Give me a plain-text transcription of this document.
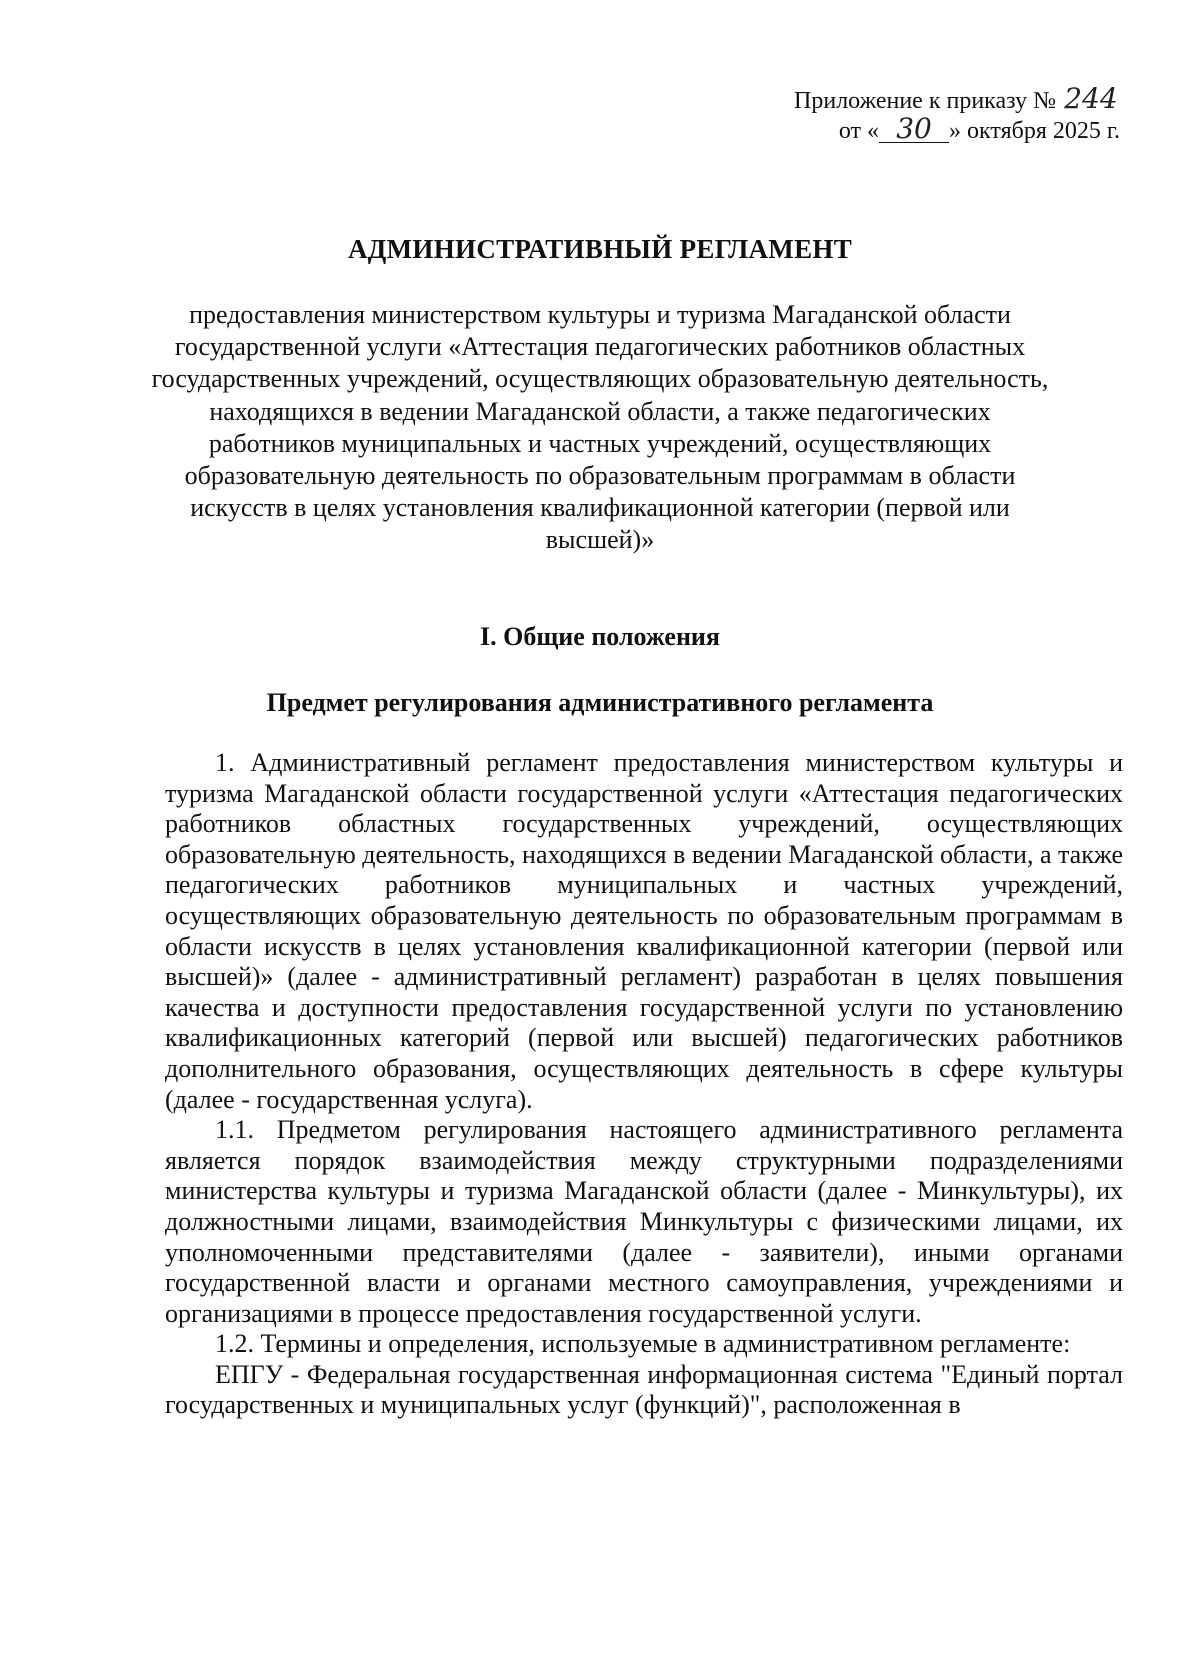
Приложение к приказу № 244
от « 30 » октября 2025 г.
АДМИНИСТРАТИВНЫЙ РЕГЛАМЕНТ
предоставления министерством культуры и туризма Магаданской области государственной услуги «Аттестация педагогических работников областных государственных учреждений, осуществляющих образовательную деятельность, находящихся в ведении Магаданской области, а также педагогических работников муниципальных и частных учреждений, осуществляющих образовательную деятельность по образовательным программам в области искусств в целях установления квалификационной категории (первой или высшей)»
I. Общие положения
Предмет регулирования административного регламента

1. Административный регламент предоставления министерством культуры и туризма Магаданской области государственной услуги «Аттестация педагогических работников областных государственных учреждений, осуществляющих образовательную деятельность, находящихся в ведении Магаданской области, а также педагогических работников муниципальных и частных учреждений, осуществляющих образовательную деятельность по образовательным программам в области искусств в целях установления квалификационной категории (первой или высшей)» (далее - административный регламент) разработан в целях повышения качества и доступности предоставления государственной услуги по установлению квалификационных категорий (первой или высшей) педагогических работников дополнительного образования, осуществляющих деятельность в сфере культуры (далее - государственная услуга).

1.1. Предметом регулирования настоящего административного регламента является порядок взаимодействия между структурными подразделениями министерства культуры и туризма Магаданской области (далее - Минкультуры), их должностными лицами, взаимодействия Минкультуры с физическими лицами, их уполномоченными представителями (далее - заявители), иными органами государственной власти и органами местного самоуправления, учреждениями и организациями в процессе предоставления государственной услуги.

1.2. Термины и определения, используемые в административном регламенте:

ЕПГУ - Федеральная государственная информационная система "Единый портал государственных и муниципальных услуг (функций)", расположенная в
